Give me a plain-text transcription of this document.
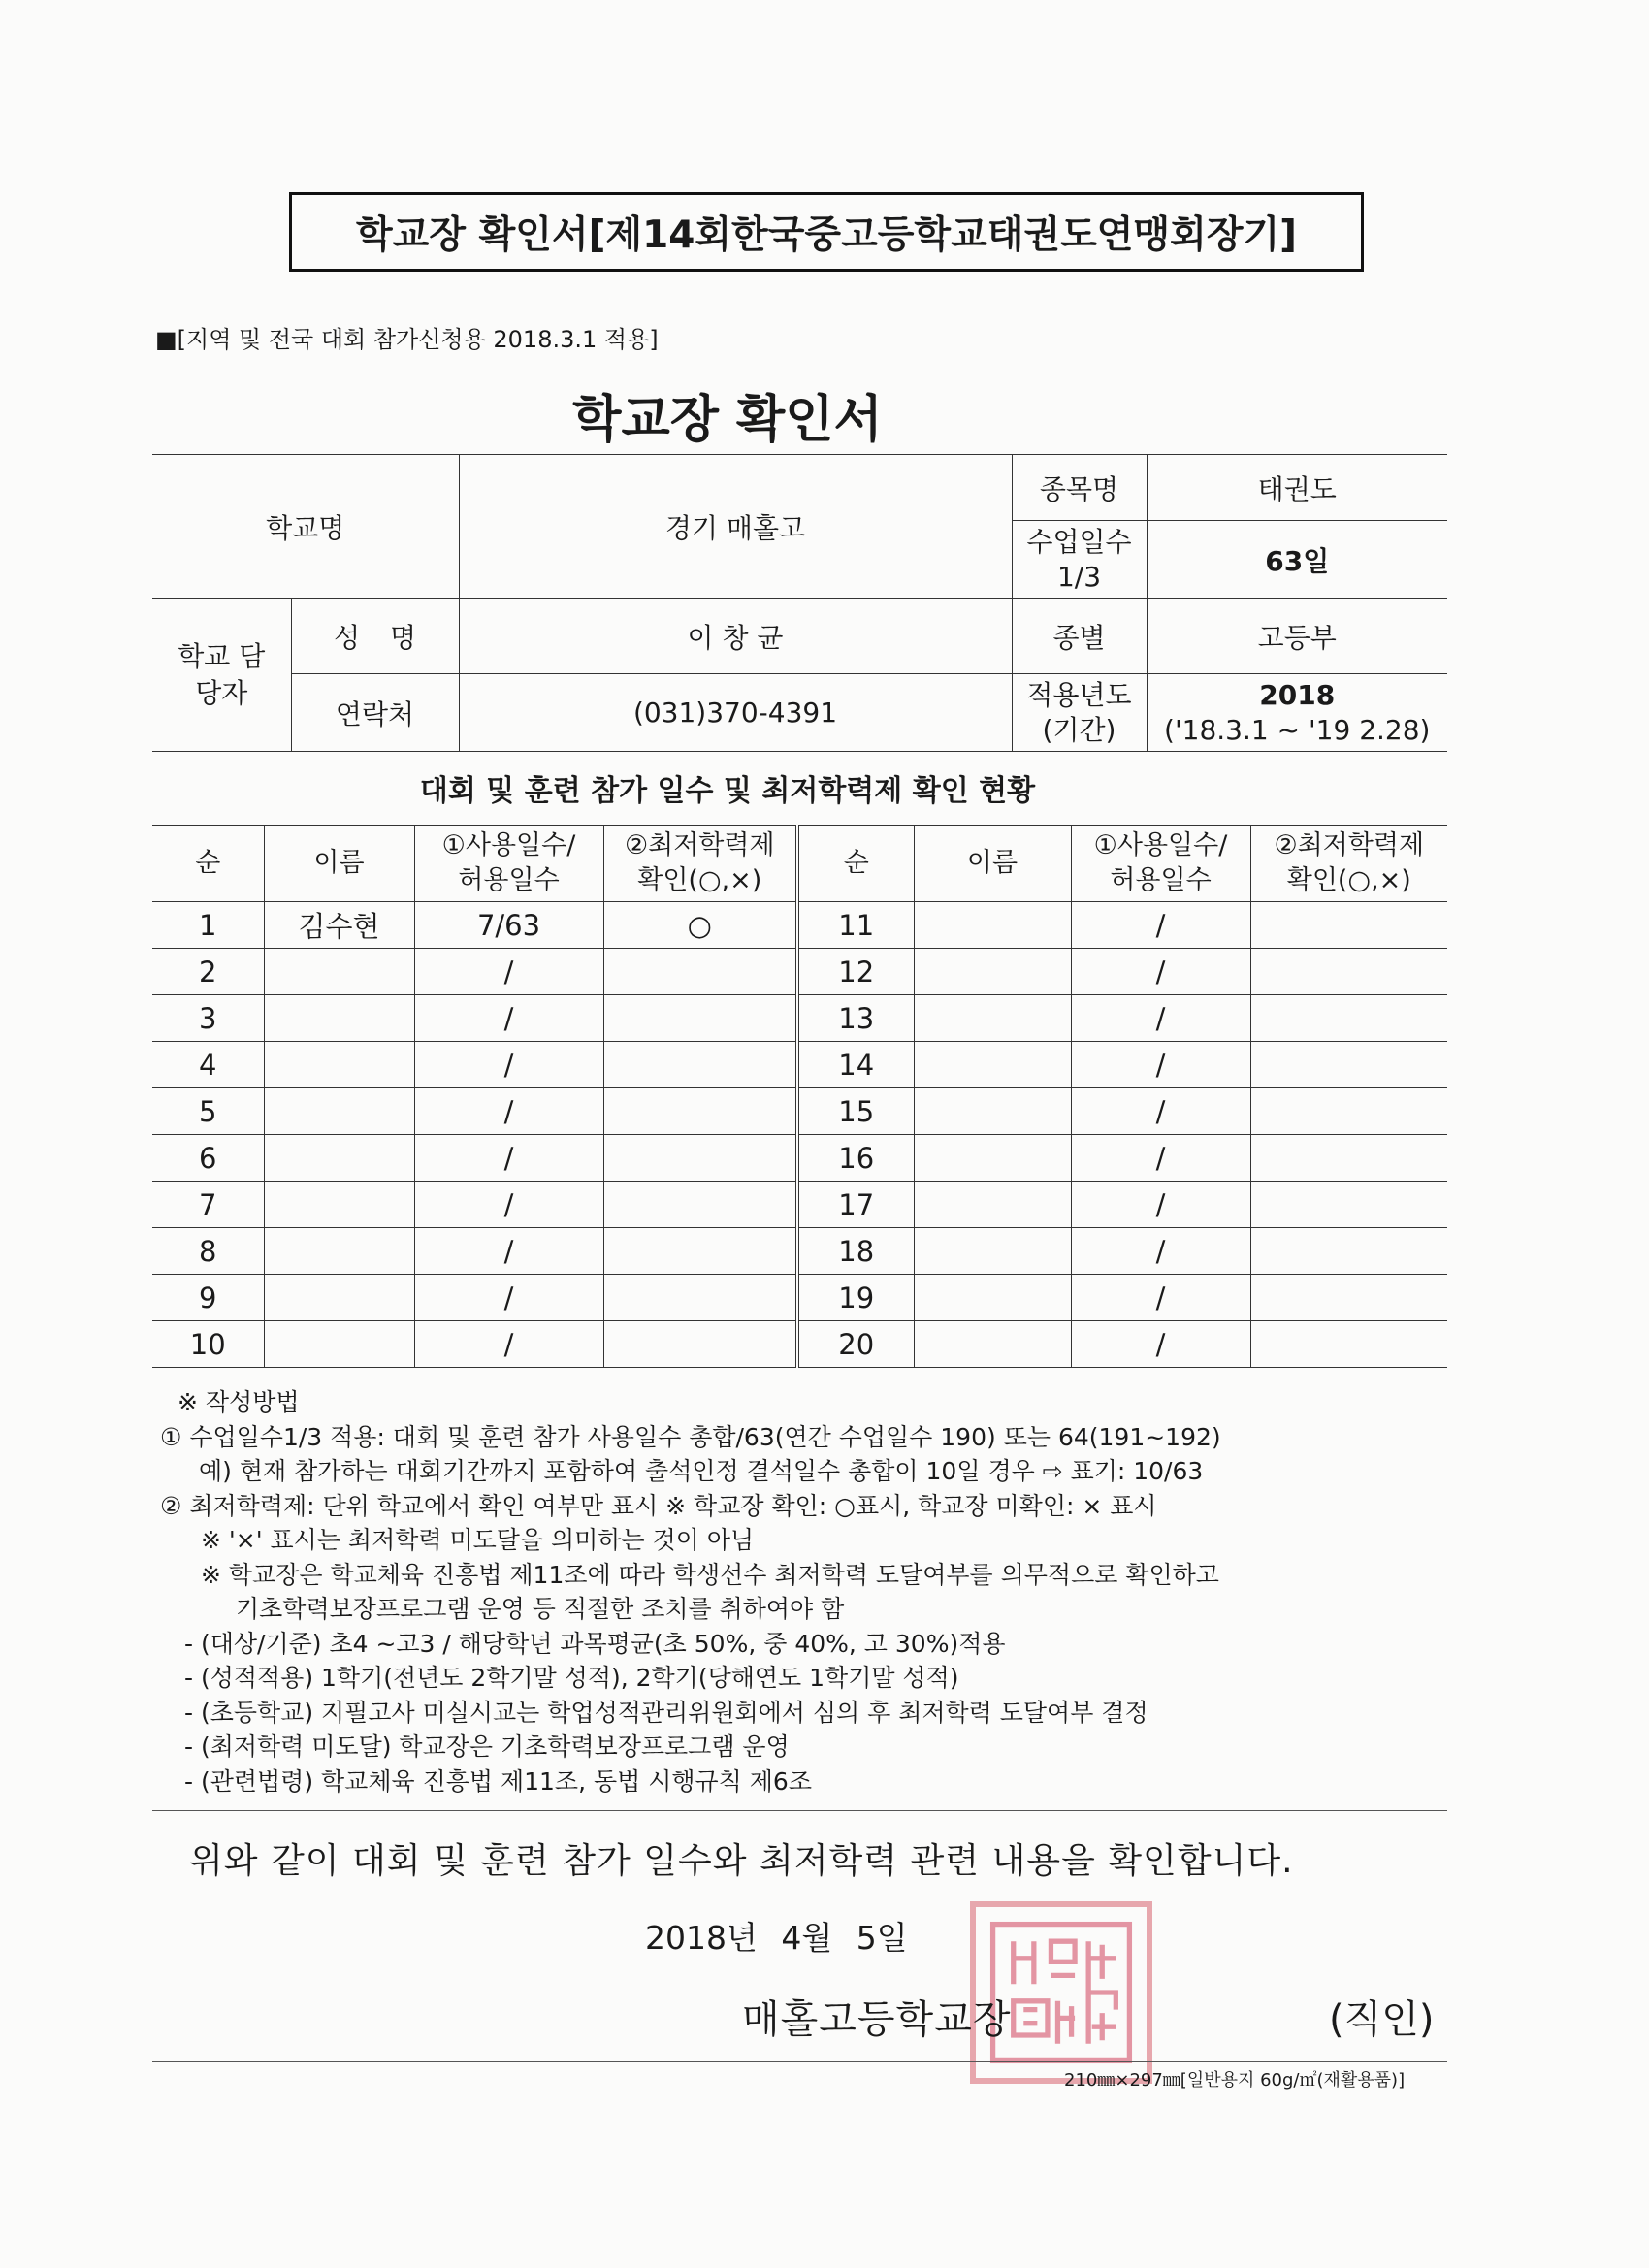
학교장 확인서[제14회한국중고등학교태권도연맹회장기]
■[지역 및 전국 대회 참가신청용 2018.3.1 적용]
학교장 확인서
학교명		경기 매홀고	종목명	태권도
			수업일수 1/3	63일
학교 담당자	성 명	이 창 균	종별	고등부
	연락처	(031)370-4391	적용년도 (기간)	2018
('18.3.1 ~ '19 2.28)
대회 및 훈련 참가 일수 및 최저학력제 확인 현황
순	이름	①사용일수/ 허용일수	②최저학력제 확인(○,×)	순	이름	①사용일수/ 허용일수	②최저학력제 확인(○,×)
1	김수현	7/63	○	11		/	
2		/		12		/	
3		/		13		/	
4		/		14		/	
5		/		15		/	
6		/		16		/	
7		/		17		/	
8		/		18		/	
9		/		19		/	
10		/		20		/	
※ 작성방법
① 수업일수1/3 적용: 대회 및 훈련 참가 사용일수 총합/63(연간 수업일수 190) 또는 64(191~192)
예) 현재 참가하는 대회기간까지 포함하여 출석인정 결석일수 총합이 10일 경우 ⇨ 표기: 10/63
② 최저학력제: 단위 학교에서 확인 여부만 표시 ※ 학교장 확인: ○표시, 학교장 미확인: × 표시
※ '×' 표시는 최저학력 미도달을 의미하는 것이 아님
※ 학교장은 학교체육 진흥법 제11조에 따라 학생선수 최저학력 도달여부를 의무적으로 확인하고
기초학력보장프로그램 운영 등 적절한 조치를 취하여야 함
- (대상/기준) 초4 ~고3 / 해당학년 과목평균(초 50%, 중 40%, 고 30%)적용
- (성적적용) 1학기(전년도 2학기말 성적), 2학기(당해연도 1학기말 성적)
- (초등학교) 지필고사 미실시교는 학업성적관리위원회에서 심의 후 최저학력 도달여부 결정
- (최저학력 미도달) 학교장은 기초학력보장프로그램 운영
- (관련법령) 학교체육 진흥법 제11조, 동법 시행규칙 제6조
위와 같이 대회 및 훈련 참가 일수와 최저학력 관련 내용을 확인합니다.
2018년 4월 5일
매홀고등학교장	(직인)
210㎜×297㎜[일반용지 60g/㎡(재활용품)]
